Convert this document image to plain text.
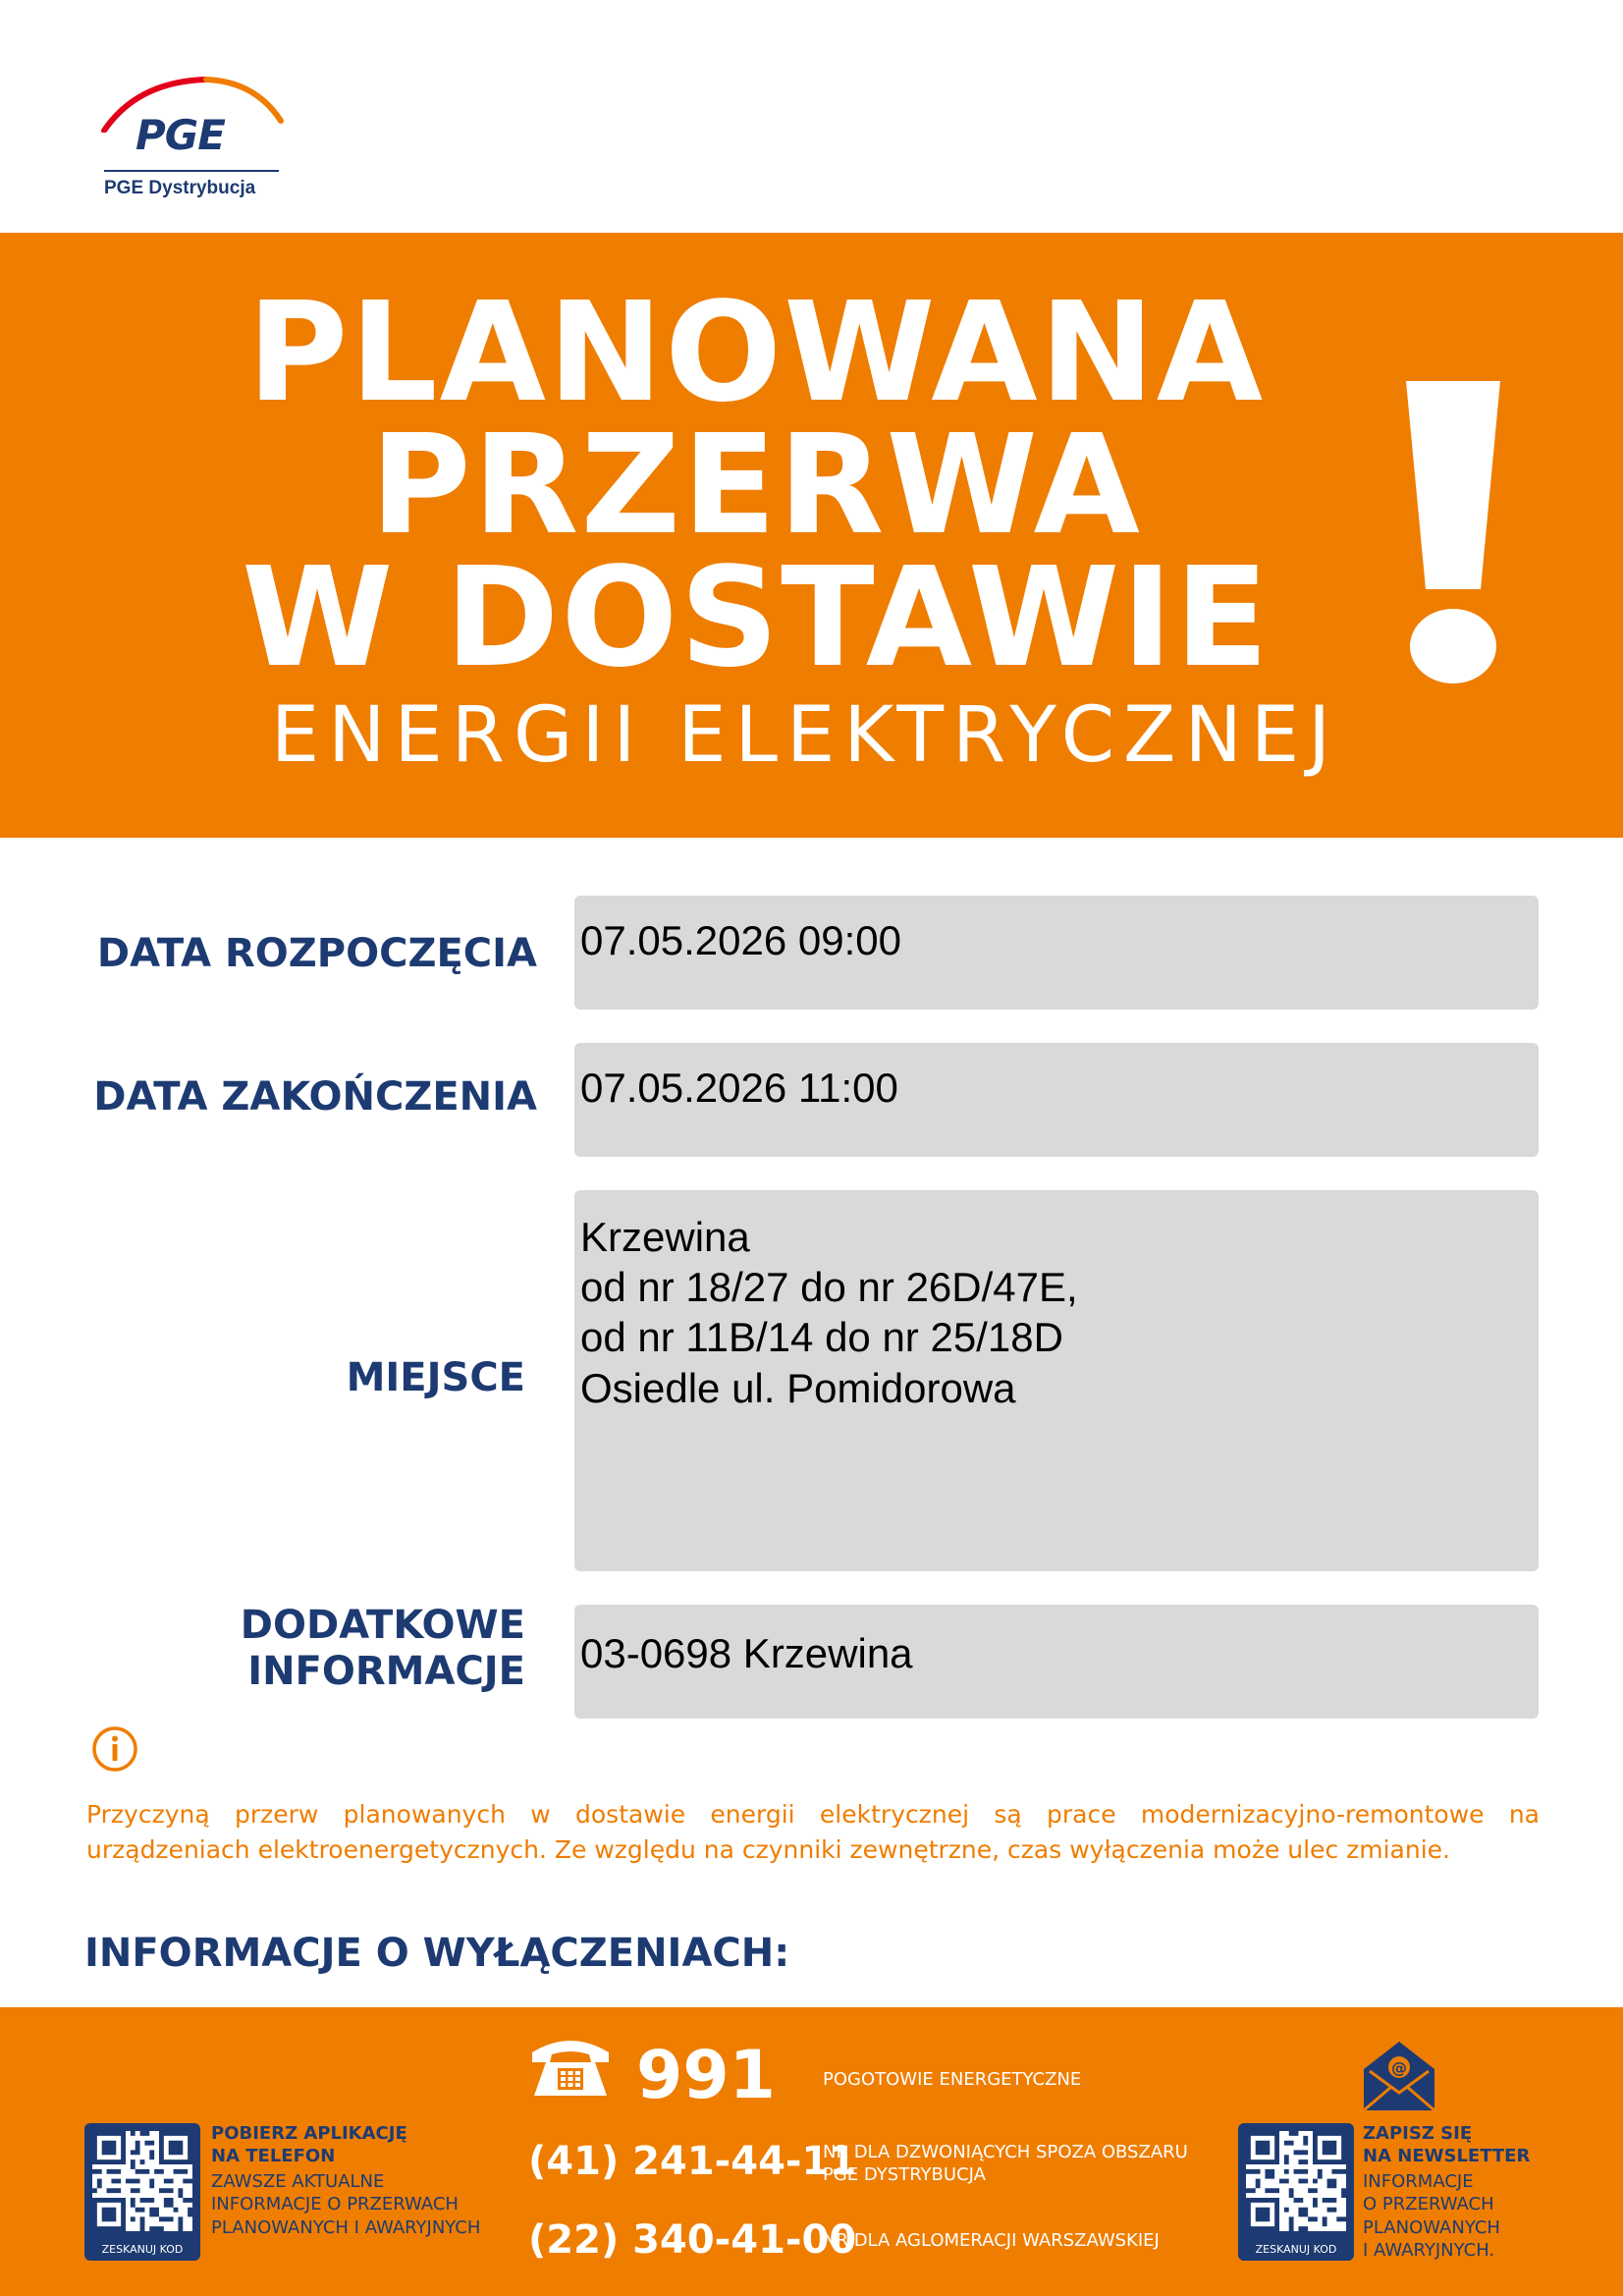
PGE
PGE Dystrybucja
PLANOWANA
PRZERWA
W DOSTAWIE
ENERGII ELEKTRYCZNEJ
DATA ROZPOCZĘCIA 07.05.2026 09:00
DATA ZAKOŃCZENIA 07.05.2026 11:00
MIEJSCE
Krzewina
od nr 18/27 do nr 26D/47E,
od nr 11B/14 do nr 25/18D
Osiedle ul. Pomidorowa
DODATKOWE
INFORMACJE 03-0698 Krzewina
Przyczyną przerw planowanych w dostawie energii elektrycznej są prace modernizacyjno-remontowe na urządzeniach elektroenergetycznych. Ze względu na czynniki zewnętrzne, czas wyłączenia może ulec zmianie.
INFORMACJE O WYŁĄCZENIACH:
ZESKANUJ KOD
POBIERZ APLIKACJĘ
NA TELEFON
ZAWSZE AKTUALNE
INFORMACJE O PRZERWACH
PLANOWANYCH I AWARYJNYCH
991	POGOTOWIE ENERGETYCZNE
(41) 241-44-11
NR DLA DZWONIĄCYCH SPOZA OBSZARU
PGE DYSTRYBUCJA
(22) 340-41-00
NR DLA AGLOMERACJI WARSZAWSKIEJ
@
ZESKANUJ KOD
ZAPISZ SIĘ
NA NEWSLETTER
INFORMACJE
O PRZERWACH
PLANOWANYCH
I AWARYJNYCH.
